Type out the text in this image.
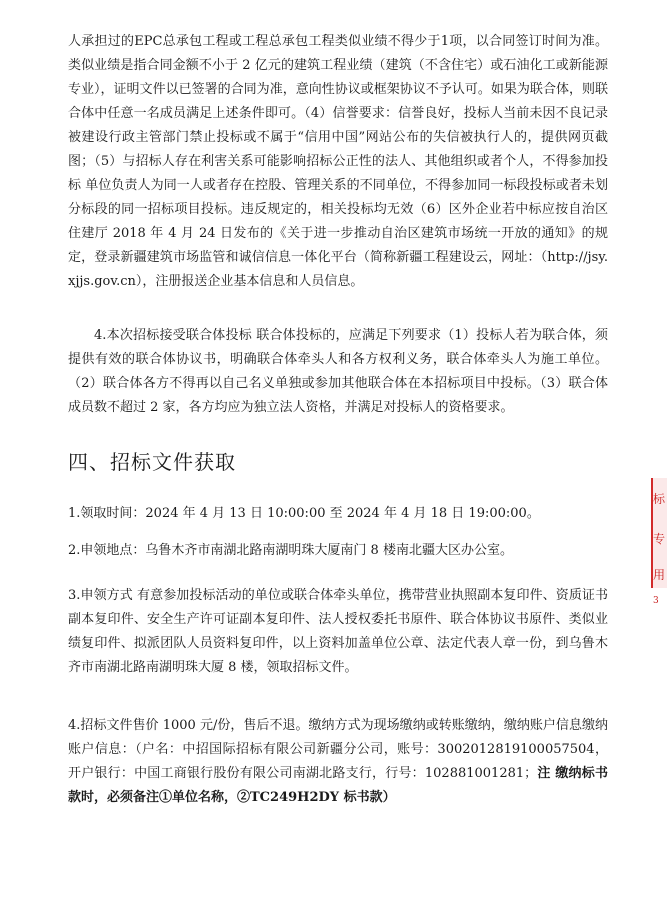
人承担过的EPC总承包工程或工程总承包工程类似业绩不得少于1项，以合同签订时间为准。类似业绩是指合同金额不小于 2 亿元的建筑工程业绩（建筑（不含住宅）或石油化工或新能源专业），证明文件以已签署的合同为准，意向性协议或框架协议不予认可。如果为联合体，则联合体中任意一名成员满足上述条件即可。（4）信誉要求：信誉良好，投标人当前未因不良记录被建设行政主管部门禁止投标或不属于“信用中国”网站公布的失信被执行人的，提供网页截图；（5）与招标人存在利害关系可能影响招标公正性的法人、其他组织或者个人，不得参加投标 单位负责人为同一人或者存在控股、管理关系的不同单位，不得参加同一标段投标或者未划分标段的同一招标项目投标。违反规定的，相关投标均无效（6）区外企业若中标应按自治区住建厅 2018 年 4 月 24 日发布的《关于进一步推动自治区建筑市场统一开放的通知》的规定，登录新疆建筑市场监管和诚信信息一体化平台（简称新疆工程建设云，网址：（http://jsy.xjjs.gov.cn），注册报送企业基本信息和人员信息。

4.本次招标接受联合体投标 联合体投标的，应满足下列要求（1）投标人若为联合体，须提供有效的联合体协议书，明确联合体牵头人和各方权利义务，联合体牵头人为施工单位。（2）联合体各方不得再以自己名义单独或参加其他联合体在本招标项目中投标。（3）联合体成员数不超过 2 家，各方均应为独立法人资格，并满足对投标人的资格要求。

四、招标文件获取

1.领取时间：2024 年 4 月 13 日 10:00:00 至 2024 年 4 月 18 日 19:00:00。

2.申领地点：乌鲁木齐市南湖北路南湖明珠大厦南门 8 楼南北疆大区办公室。

3.申领方式 有意参加投标活动的单位或联合体牵头单位，携带营业执照副本复印件、资质证书副本复印件、安全生产许可证副本复印件、法人授权委托书原件、联合体协议书原件、类似业绩复印件、拟派团队人员资料复印件，以上资料加盖单位公章、法定代表人章一份，到乌鲁木齐市南湖北路南湖明珠大厦 8 楼，领取招标文件。

4.招标文件售价 1000 元/份，售后不退。缴纳方式为现场缴纳或转账缴纳，缴纳账户信息缴纳账户信息：（户名：中招国际招标有限公司新疆分公司，账号：3002012819100057504，开户银行：中国工商银行股份有限公司南湖北路支行，行号：102881001281；注 缴纳标书款时，必须备注①单位名称，②TC249H2DY 标书款）

标
专
用
3
